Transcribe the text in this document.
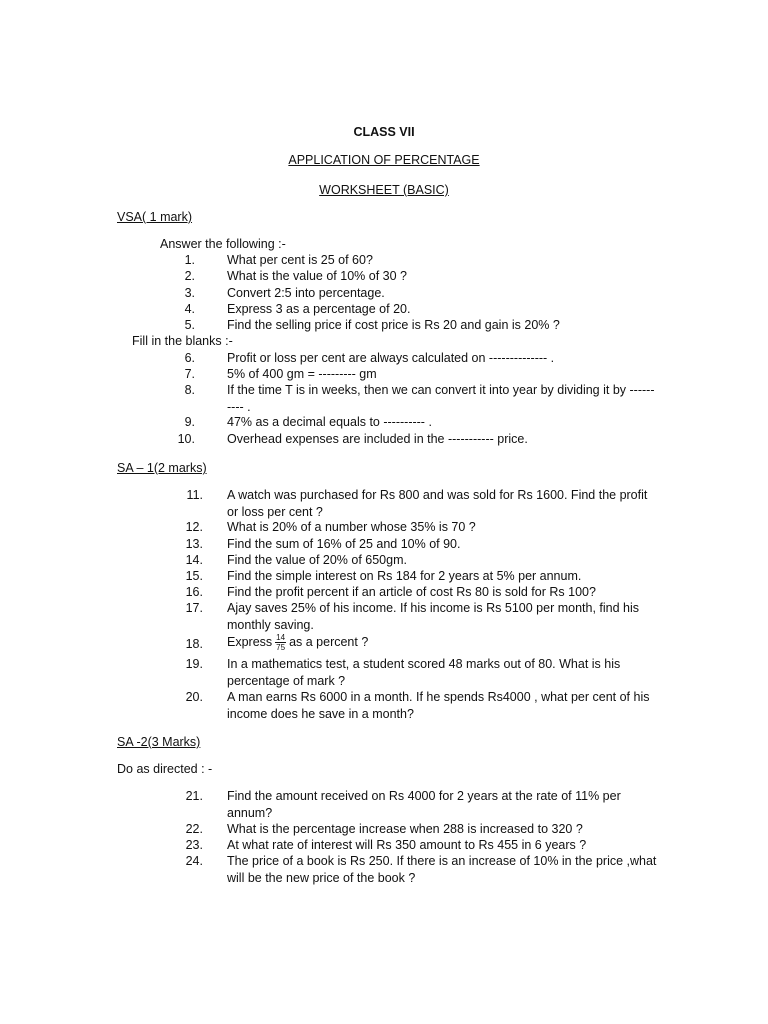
CLASS VII
APPLICATION OF PERCENTAGE
WORKSHEET (BASIC)
VSA( 1 mark)
Answer the following :-
1.	What per cent is 25 of 60?
2.	What is the value of 10% of 30 ?
3.	Convert 2:5 into percentage.
4.	Express 3 as a percentage of 20.
5.	Find the selling price if cost price is Rs 20 and gain is 20% ?
Fill in the blanks :-
6.	Profit or loss per cent are always calculated on -------------- .
7.	5% of 400 gm = --------- gm
8.	If the time T is in weeks, then we can convert it into year by dividing it by ---------- .
9.	47% as a decimal equals to ---------- .
10.	Overhead expenses are included in the ----------- price.
SA – 1(2 marks)
11. A watch was purchased for Rs 800 and was sold for Rs 1600. Find the profit or loss per cent ?
12. What is 20% of a number whose 35% is 70 ?
13. Find the sum of 16% of 25 and 10% of 90.
14. Find the value of 20% of 650gm.
15. Find the simple interest on Rs 184 for 2 years at 5% per annum.
16. Find the profit percent if an article of cost Rs 80 is sold for Rs 100?
17. Ajay saves 25% of his income. If his income is Rs 5100 per month, find his monthly saving.
18. Express $\frac{14}{75}$ as a percent ?
19. In a mathematics test, a student scored 48 marks out of 80. What is his percentage of mark ?
20. A man earns Rs 6000 in a month. If he spends Rs4000 , what per cent of his income does he save in a month?
SA -2(3 Marks)
Do as directed : -
21. Find the amount received on Rs 4000 for 2 years at the rate of 11% per annum?
22. What is the percentage increase when 288 is increased to 320 ?
23. At what rate of interest will Rs 350 amount to Rs 455 in 6 years ?
24. The price of a book is Rs 250. If there is an increase of 10% in the price ,what will be the new price of the book ?
